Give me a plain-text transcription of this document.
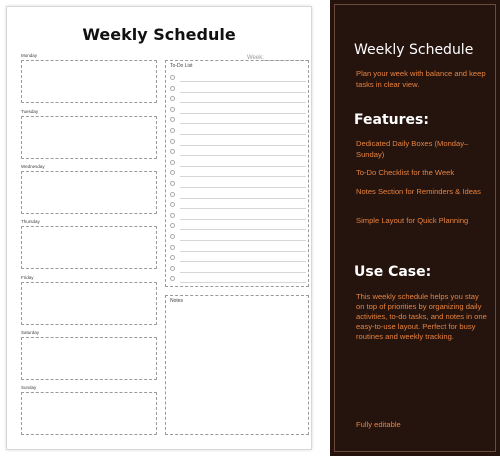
Weekly Schedule
Week:
Monday
Tuesday
Wednesday
Thursday
Friday
Saturday
Sunday
To-Do List
Notes
Weekly Schedule
Plan your week with balance and keep tasks in clear view.
Features:
Dedicated Daily Boxes (Monday–Sunday)
To-Do Checklist for the Week
Notes Section for Reminders & Ideas
Simple Layout for Quick Planning
Use Case:
This weekly schedule helps you stay on top of priorities by organizing daily activities, to-do tasks, and notes in one easy-to-use layout. Perfect for busy routines and weekly tracking.
Fully editable
